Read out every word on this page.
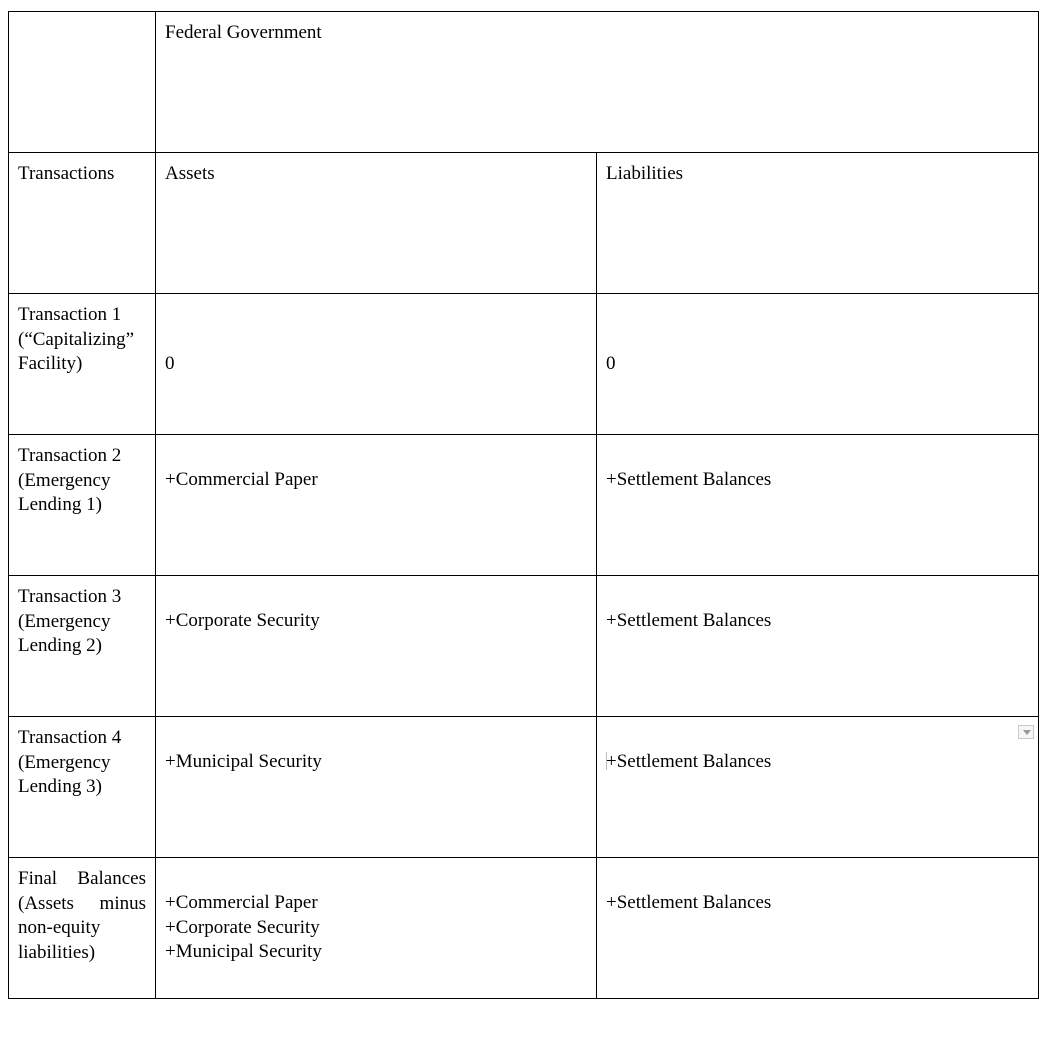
	Federal Government	

Transactions	Assets	Liabilities

Transaction 1
(“Capitalizing”
Facility)	0	0

Transaction 2
(Emergency
Lending 1)	+Commercial Paper	+Settlement Balances

Transaction 3
(Emergency
Lending 2)	+Corporate Security	+Settlement Balances

Transaction 4
(Emergency
Lending 3)	+Municipal Security	+Settlement Balances

Final Balances
(Assets minus
non-equity
liabilities)	+Commercial Paper
+Corporate Security
+Municipal Security	+Settlement Balances
